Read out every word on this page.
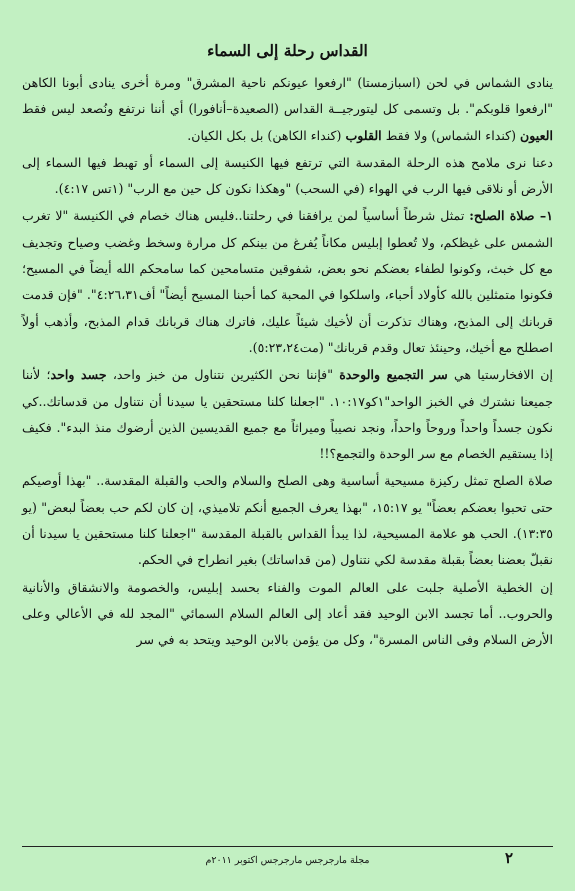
القداس رحلة إلى السماء

ينادى الشماس في لحن (اسبازمستا) "ارفعوا عيونكم ناحية المشرق" ومرة أخرى ينادى أبونا الكاهن "ارفعوا قلوبكم". بل وتسمى كل ليتورجيــة القداس (الصعيدة–أنافورا) أي أننا نرتفع ونُصعد ليس فقط العيون (كنداء الشماس) ولا فقط القلوب (كنداء الكاهن) بل بكل الكيان.

دعنا نرى ملامح هذه الرحلة المقدسة التي ترتفع فيها الكنيسة إلى السماء أو تهبط فيها السماء إلى الأرض أو نلاقى فيها الرب في الهواء (في السحب) "وهكذا نكون كل حين مع الرب" (١تس ٤:١٧).

١– صلاة الصلح: تمثل شرطاً أساسياً لمن يرافقنا في رحلتنا..فليس هناك خصام في الكنيسة "لا تغرب الشمس على غيظكم، ولا تُعطوا إبليس مكاناً يُفرغ من بينكم كل مرارة وسخط وغضب وصياح وتجديف مع كل خبث، وكونوا لطفاء بعضكم نحو بعض، شفوقين متسامحين كما سامحكم الله أيضاً في المسيح؛ فكونوا متمثلين بالله كأولاد أحباء، واسلكوا في المحبة كما أحبنا المسيح أيضاً" أف٤:٢٦،٣١". "فإن قدمت قربانك إلى المذبح، وهناك تذكرت أن لأخيك شيئاً عليك، فاترك هناك قربانك قدام المذبح، وأذهب أولاً اصطلح مع أخيك، وحينئذ تعال وقدم قربانك" (مت٥:٢٣،٢٤).

إن الافخارستيا هي سر التجميع والوحدة "فإننا نحن الكثيرين نتناول من خبز واحد، جسد واحد؛ لأننا جميعنا نشترك في الخبز الواحد"١كو١٠:١٧. "اجعلنا كلنا مستحقين يا سيدنا أن نتناول من قدساتك..كي نكون جسداً واحداً وروحاً واحداً، ونجد نصيباً وميراثاً مع جميع القديسين الذين أرضوك منذ البدء". فكيف إذا يستقيم الخصام مع سر الوحدة والتجمع؟!!

صلاة الصلح تمثل ركيزة مسيحية أساسية وهى الصلح والسلام والحب والقبلة المقدسة.. "بهذا أوصيكم حتى تحبوا بعضكم بعضاً" يو ١٥:١٧، "بهذا يعرف الجميع أنكم تلاميذي، إن كان لكم حب بعضاً لبعض" (يو ١٣:٣٥). الحب هو علامة المسيحية، لذا يبدأ القداس بالقبلة المقدسة "اجعلنا كلنا مستحقين يا سيدنا أن نقبلّ بعضنا بعضاً بقبلة مقدسة لكي نتناول (من قداساتك) بغير انطراح في الحكم.

إن الخطية الأصلية جلبت على العالم الموت والفناء بحسد إبليس، والخصومة والانشقاق والأنانية والحروب.. أما تجسد الابن الوحيد فقد أعاد إلى العالم السلام السمائي "المجد لله في الأعالي وعلى الأرض السلام وفى الناس المسرة"، وكل من يؤمن بالابن الوحيد ويتحد به في سر

٢
مجلة مارجرجس مارجرجس اكتوبر ٢٠١١م
